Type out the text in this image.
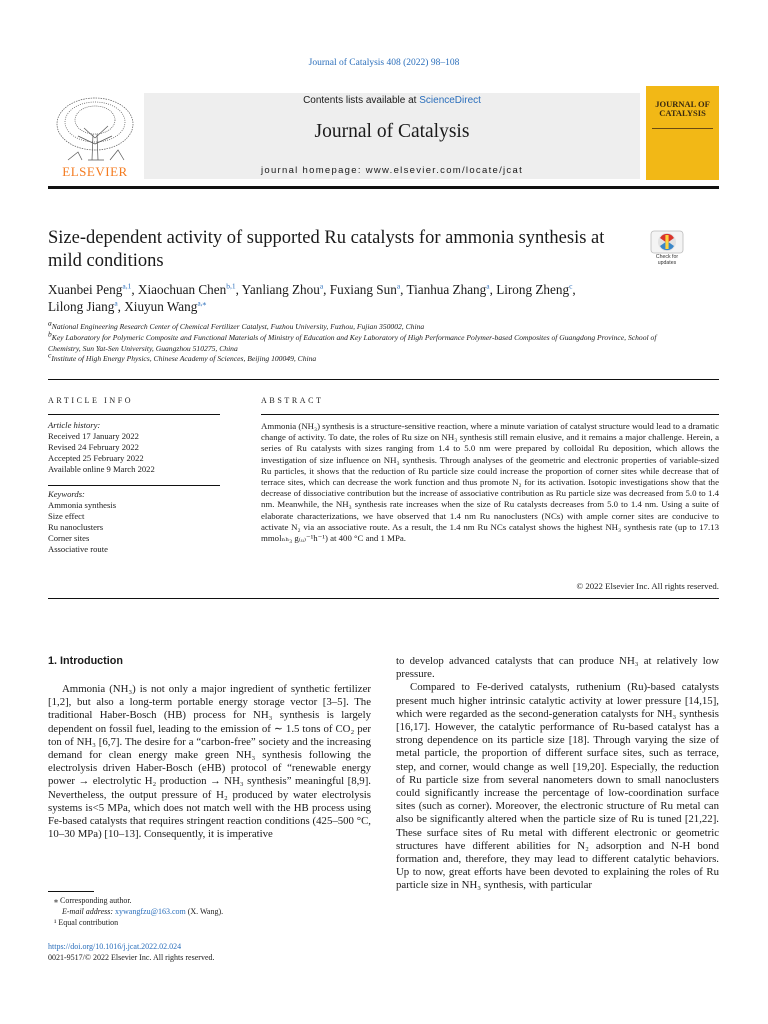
Journal of Catalysis 408 (2022) 98–108
ELSEVIER
Contents lists available at ScienceDirect
Journal of Catalysis
journal homepage: www.elsevier.com/locate/jcat
JOURNAL OF CATALYSIS
Size-dependent activity of supported Ru catalysts for ammonia synthesis at mild conditions	Check for updates
Xuanbei Peng$^{a,1}$, Xiaochuan Chen$^{b,1}$, Yanliang Zhou$^a$, Fuxiang Sun$^a$, Tianhua Zhang$^a$, Lirong Zheng$^c$,
Lilong Jiang$^a$, Xiuyun Wang$^{a,⁎}$
$^a$National Engineering Research Center of Chemical Fertilizer Catalyst, Fuzhou University, Fuzhou, Fujian 350002, China
$^b$Key Laboratory for Polymeric Composite and Functional Materials of Ministry of Education and Key Laboratory of High Performance Polymer-based Composites of Guangdong Province, School of Chemistry, Sun Yat-Sen University, Guangzhou 510275, China
$^c$Institute of High Energy Physics, Chinese Academy of Sciences, Beijing 100049, China
ARTICLE INFO
Article history:
Received 17 January 2022
Revised 24 February 2022
Accepted 25 February 2022
Available online 9 March 2022
Keywords:
Ammonia synthesis
Size effect
Ru nanoclusters
Corner sites
Associative route
ABSTRACT
Ammonia (NH₃) synthesis is a structure-sensitive reaction, where a minute variation of catalyst structure would lead to a dramatic change of activity. To date, the roles of Ru size on NH₃ synthesis still remain elusive, and it remains a major challenge. Herein, a series of Ru catalysts with sizes ranging from 1.4 to 5.0 nm were prepared by colloidal Ru deposition, which allows the investigation of size influence on NH₃ synthesis. Through analyses of the geometric and electronic properties of variable-sized Ru particles, it shows that the reduction of Ru particle size could increase the proportion of corner sites while decrease that of terrace sites, which can decrease the work function and thus promote N₂ for its activation. Isotopic investigations show that the decrease of dissociative contribution but the increase of associative contribution as Ru particle size was decreased from 5.0 to 1.4 nm. Meanwhile, the NH₃ synthesis rate increases when the size of Ru catalysts decreases from 5.0 to 1.4 nm. Using a suite of elaborate characterizations, we have observed that 1.4 nm Ru nanoclusters (NCs) with ample corner sites are conducive to activate N₂ via an associative route. As a result, the 1.4 nm Ru NCs catalyst shows the highest NH₃ synthesis rate (up to 17.13 mmolₙₕ₃ g₍ᵤ₎⁻¹h⁻¹) at 400 °C and 1 MPa.
© 2022 Elsevier Inc. All rights reserved.
1. Introduction
Ammonia (NH₃) is not only a major ingredient of synthetic fertilizer [1,2], but also a long-term portable energy storage vector [3–5]. The traditional Haber-Bosch (HB) process for NH₃ synthesis is largely dependent on fossil fuel, leading to the emission of ∼ 1.5 tons of CO₂ per ton of NH₃ [6,7]. The desire for a “carbon-free” society and the increasing demand for clean energy make green NH₃ synthesis following the electrolysis driven Haber-Bosch (eHB) protocol of “renewable energy power → electrolytic H₂ production → NH₃ synthesis” meaningful [8,9]. Nevertheless, the output pressure of H₂ produced by water electrolysis systems is<5 MPa, which does not match well with the HB process using Fe-based catalysts that requires stringent reaction conditions (425–500 °C, 10–30 MPa) [10–13]. Consequently, it is imperative

to develop advanced catalysts that can produce NH₃ at relatively low pressure.

Compared to Fe-derived catalysts, ruthenium (Ru)-based catalysts present much higher intrinsic catalytic activity at lower pressure [14,15], which were regarded as the second-generation catalysts for NH₃ synthesis [16,17]. However, the catalytic performance of Ru-based catalyst has a strong dependence on its particle size [18]. Through varying the size of metal particle, the proportion of different surface sites, such as terrace, step, and corner, would change as well [19,20]. Especially, the reduction of Ru particle size from several nanometers down to small nanoclusters could significantly increase the percentage of low-coordination surface sites (such as corner). Moreover, the electronic structure of Ru metal can also be significantly altered when the particle size of Ru is tuned [21,22]. These surface sites of Ru metal with different electronic or geometric structures have different abilities for N₂ adsorption and N-H bond formation and, therefore, they may lead to different catalytic behaviors. Up to now, great efforts have been devoted to explaining the roles of Ru particle size in NH₃ synthesis, with particular

⁎ Corresponding author.
E-mail address: xywangfzu@163.com (X. Wang).
¹ Equal contribution
https://doi.org/10.1016/j.jcat.2022.02.024
0021-9517/© 2022 Elsevier Inc. All rights reserved.
